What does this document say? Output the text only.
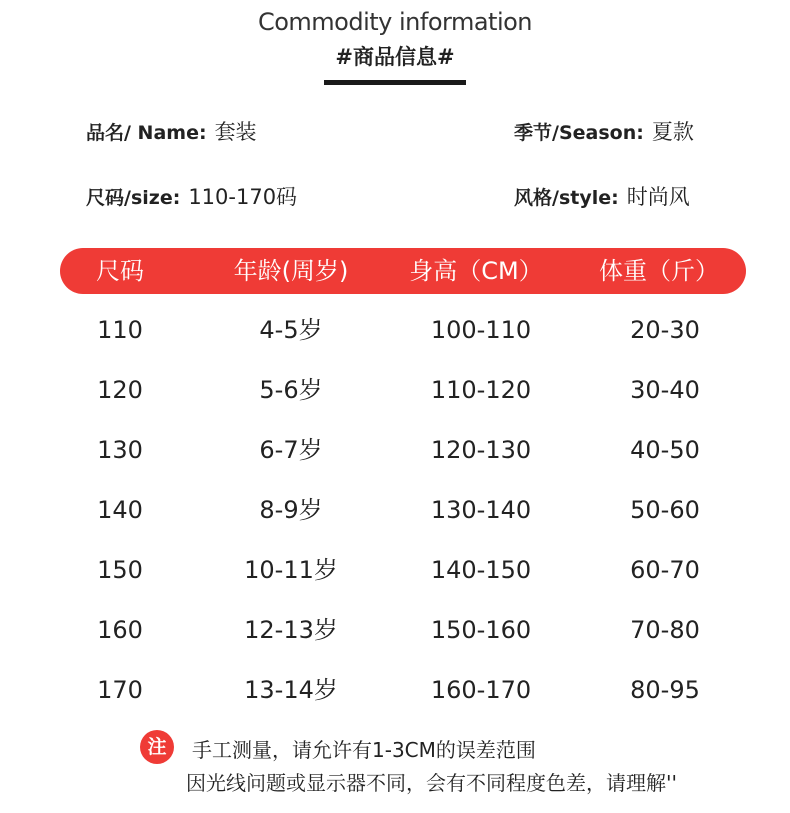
Commodity information
#商品信息#
品名/ Name: 套装	季节/Season: 夏款
尺码/size: 110-170码	风格/style: 时尚风
尺码	年龄(周岁)	身高（CM） 体重（斤）
110	4-5岁	100-110	20-30
120	5-6岁	110-120	30-40
130	6-7岁	120-130	40-50
140	8-9岁	130-140	50-60
150	10-11岁	140-150	60-70
160	12-13岁	150-160	70-80
170	13-14岁	160-170	80-95
注	手工测量，请允许有1-3CM的误差范围
因光线问题或显示器不同，会有不同程度色差，请理解''
